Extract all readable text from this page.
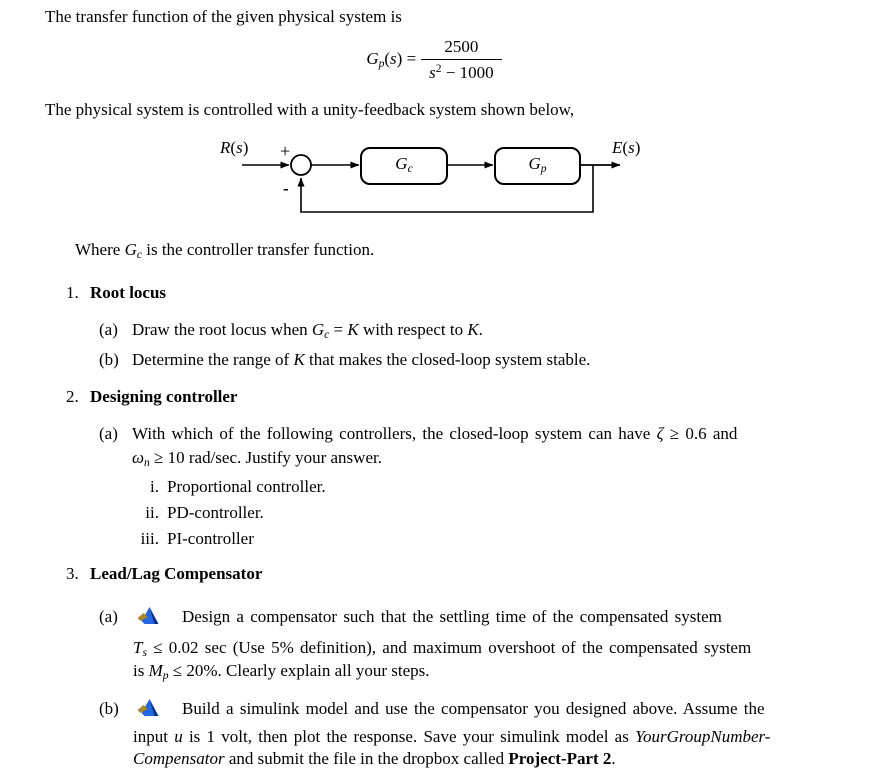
The transfer function of the given physical system is
$Gp(s) = \frac{2500}{s^2 - 1000}$
The physical system is controlled with a unity-feedback system shown below,
R(s) +
-
Gc	Gp
E(s)
Where Gc is the controller transfer function.
1. Root locus
(a) Draw the root locus when Gc = K with respect to K.
(b) Determine the range of K that makes the closed-loop system stable.
2. Designing controller
(a) With which of the following controllers, the closed-loop system can have ζ ≥ 0.6 and
ωn ≥ 10 rad/sec. Justify your answer.
i. Proportional controller.
ii. PD-controller.
iii. PI-controller
3. Lead/Lag Compensator
(a)	Design a compensator such that the settling time of the compensated system
Ts ≤ 0.02 sec (Use 5% definition), and maximum overshoot of the compensated system
is Mp ≤ 20%. Clearly explain all your steps.
(b)	Build a simulink model and use the compensator you designed above. Assume the
input u is 1 volt, then plot the response. Save your simulink model as YourGroupNumber-
Compensator and submit the file in the dropbox called Project-Part 2.
